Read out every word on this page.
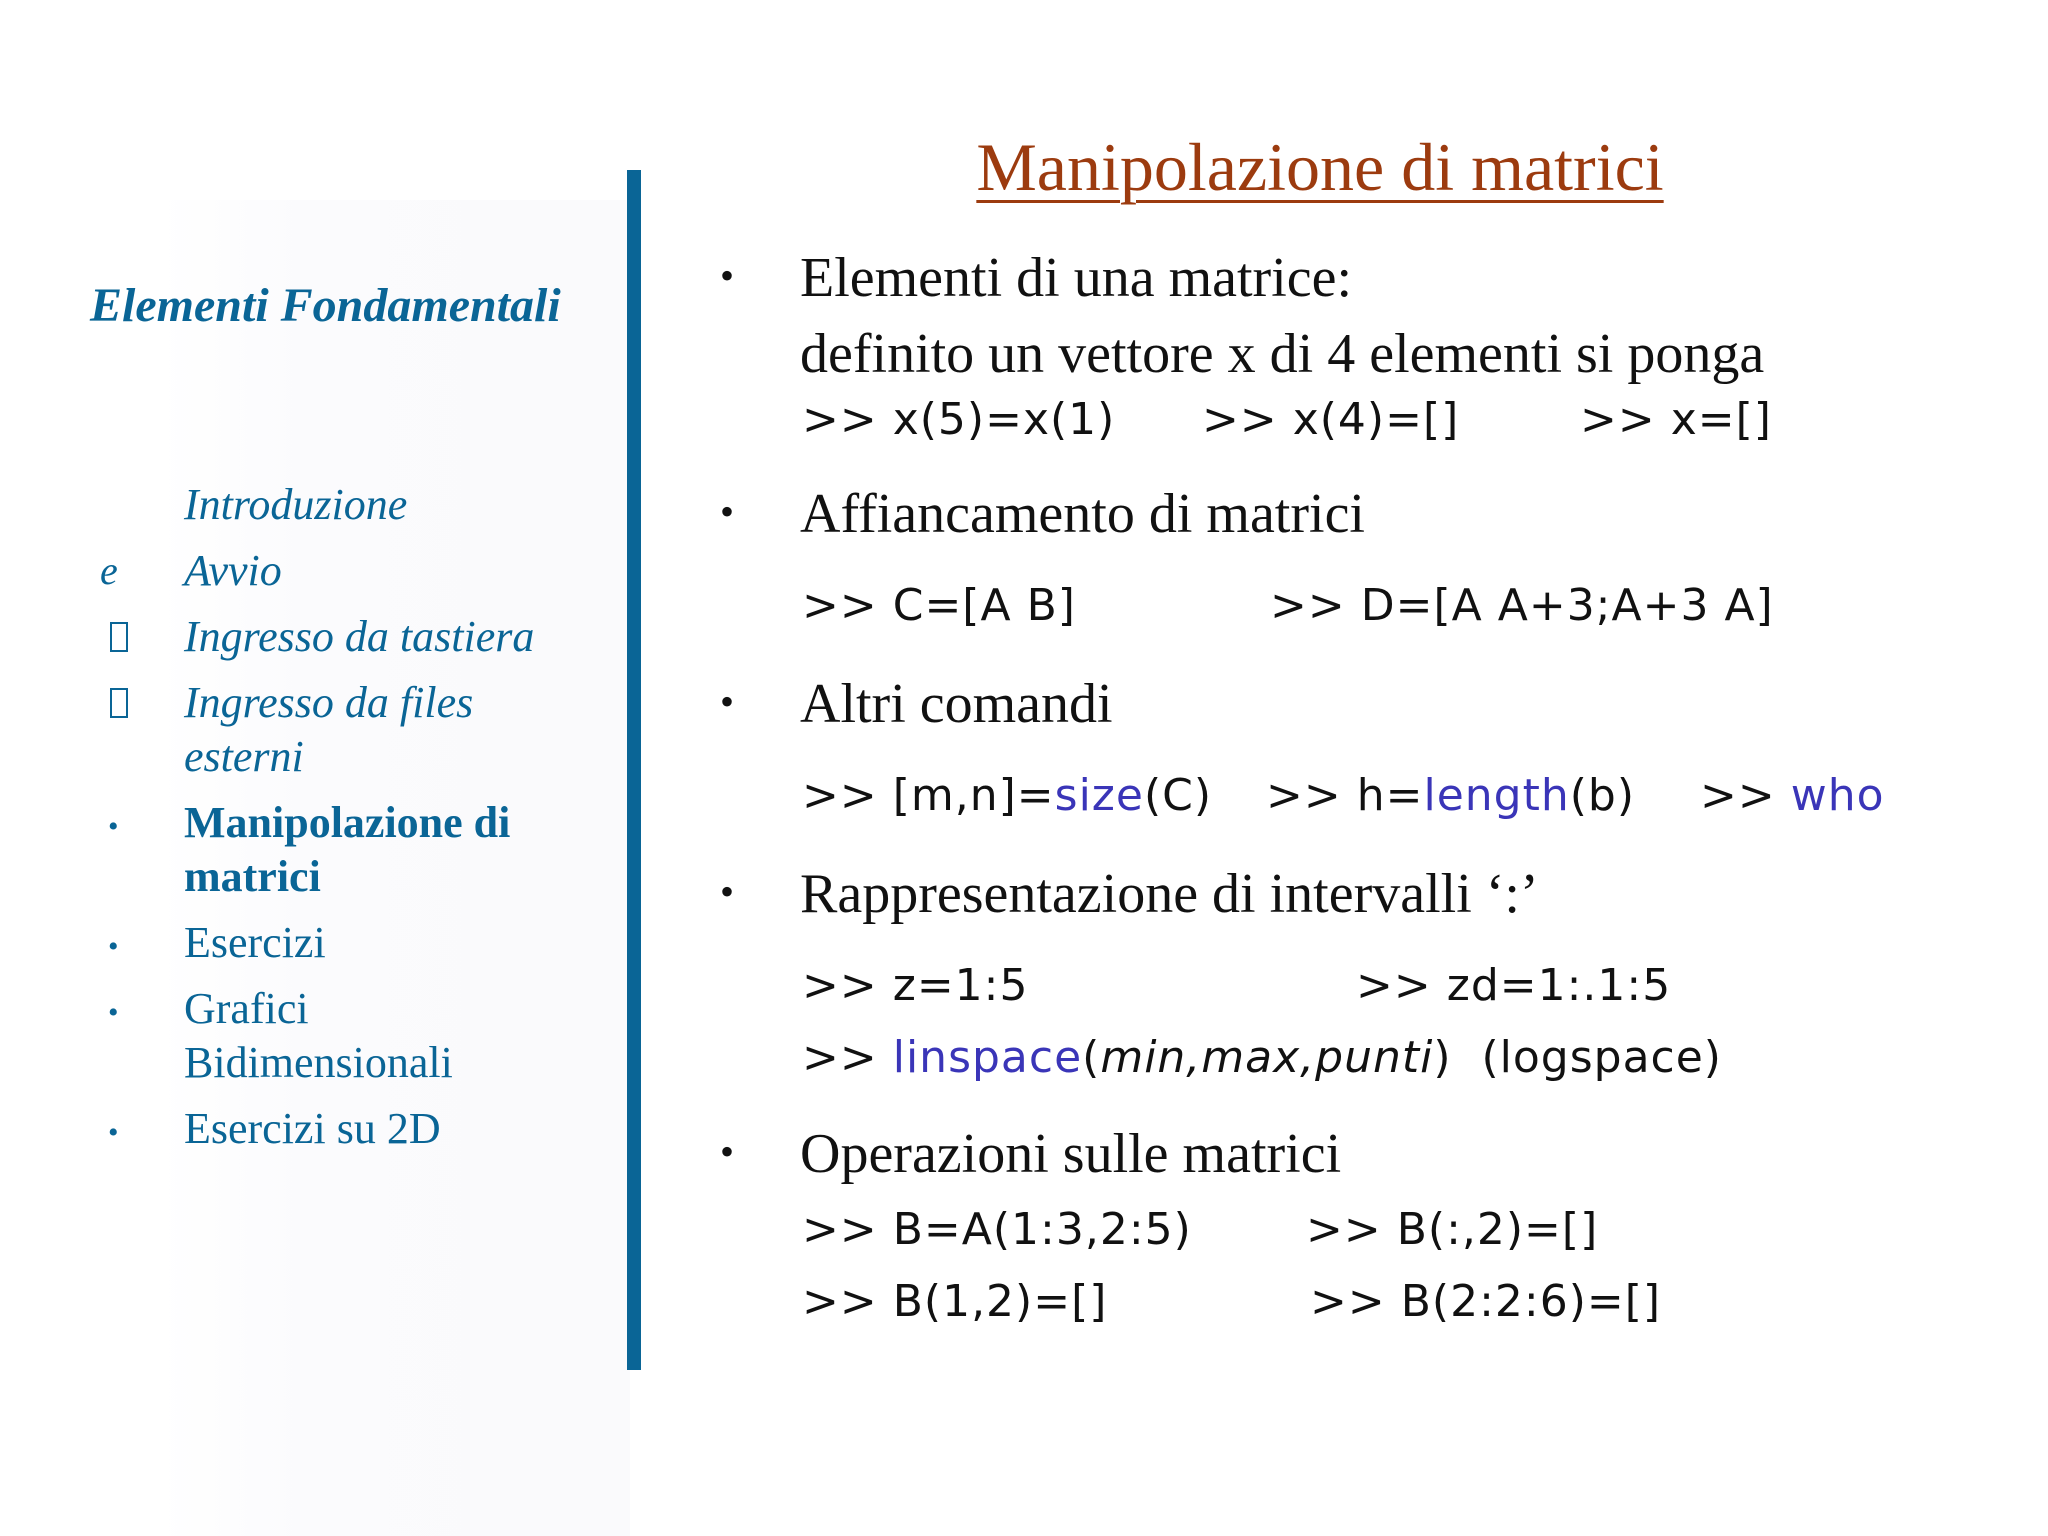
Elementi Fondamentali
Introduzione
e	Avvio
Ingresso da tastiera
Ingresso da files
esterni
•	Manipolazione di
matrici
•	Esercizi
•	Grafici
Bidimensionali
•	Esercizi su 2D
Manipolazione di matrici
• Elementi di una matrice:
definito un vettore x di 4 elementi si ponga
>> x(5)=x(1) >> x(4)=[]	>> x=[]
• Affiancamento di matrici
>> C=[A B]	>> D=[A A+3;A+3 A]
• Altri comandi
>> [m,n]=size(C) >> h=length(b) >> who
• Rappresentazione di intervalli ‘:’
>> z=1:5	>> zd=1:.1:5
>> linspace(min,max,punti) (logspace)
• Operazioni sulle matrici
>> B=A(1:3,2:5)	>> B(:,2)=[]
>> B(1,2)=[]	>> B(2:2:6)=[]
